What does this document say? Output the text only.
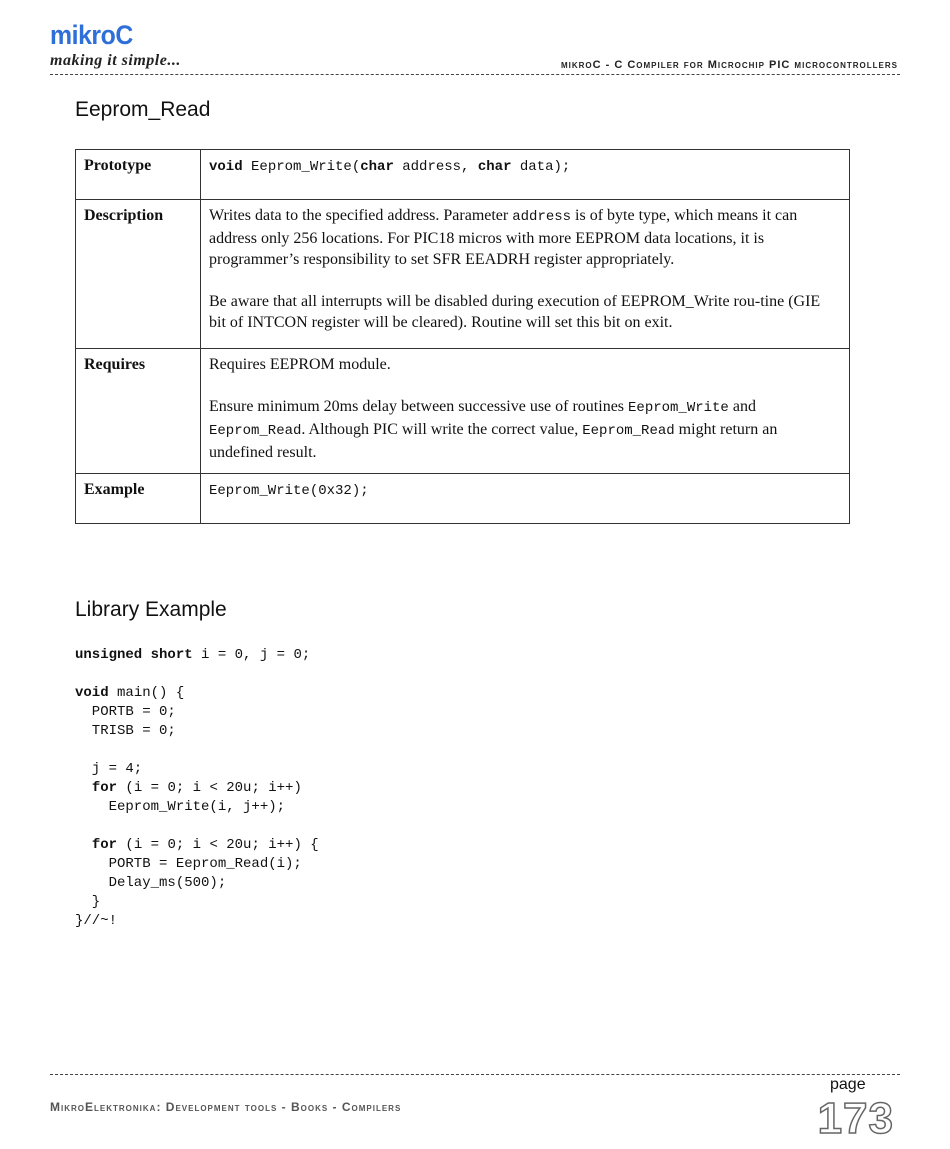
mikroC
making it simple...	mikroC - C Compiler for Microchip PIC microcontrollers
Eeprom_Read
Prototype	void Eeprom_Write(char address, char data);
Description	Writes data to the specified address. Parameter address is of byte type, which means it can address only 256 locations. For PIC18 micros with more EEPROM data locations, it is programmer’s responsibility to set SFR EEADRH register appropriately.

Be aware that all interrupts will be disabled during execution of EEPROM_Write rou-tine (GIE bit of INTCON register will be cleared). Routine will set this bit on exit.

Requires	Requires EEPROM module.

Ensure minimum 20ms delay between successive use of routines Eeprom_Write and Eeprom_Read. Although PIC will write the correct value, Eeprom_Read might return an undefined result.

Example	Eeprom_Write(0x32);
Library Example
unsigned short i = 0, j = 0;

void main() {
PORTB = 0;
TRISB = 0;

j = 4;
for (i = 0; i < 20u; i++)
Eeprom_Write(i, j++);

for (i = 0; i < 20u; i++) {
PORTB = Eeprom_Read(i);
Delay_ms(500);
}
}//~!
page
MikroElektronika: Development tools - Books - Compilers	173
